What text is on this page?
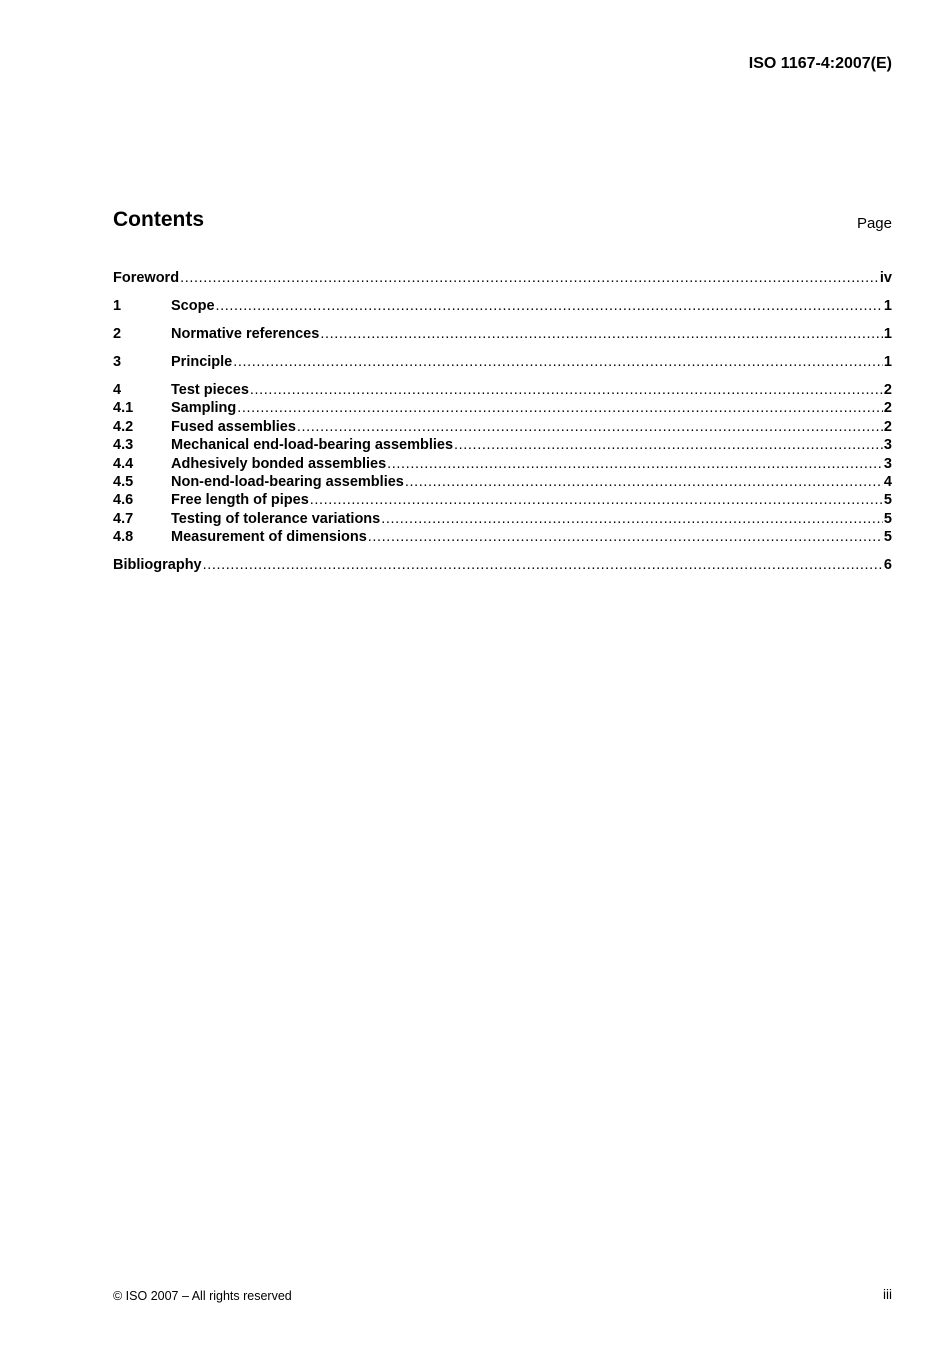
ISO 1167-4:2007(E)
Contents	Page
Foreword .....	iv
1	Scope .....	1
2	Normative references .....	1
3	Principle .....	1
4	Test pieces .....	2
4.1	Sampling .....	2
4.2	Fused assemblies .....	2
4.3	Mechanical end-load-bearing assemblies .....	3
4.4	Adhesively bonded assemblies .....	3
4.5	Non-end-load-bearing assemblies .....	4
4.6	Free length of pipes .....	5
4.7	Testing of tolerance variations .....	5
4.8	Measurement of dimensions .....	5
Bibliography .....	6
© ISO 2007 – All rights reserved	iii
